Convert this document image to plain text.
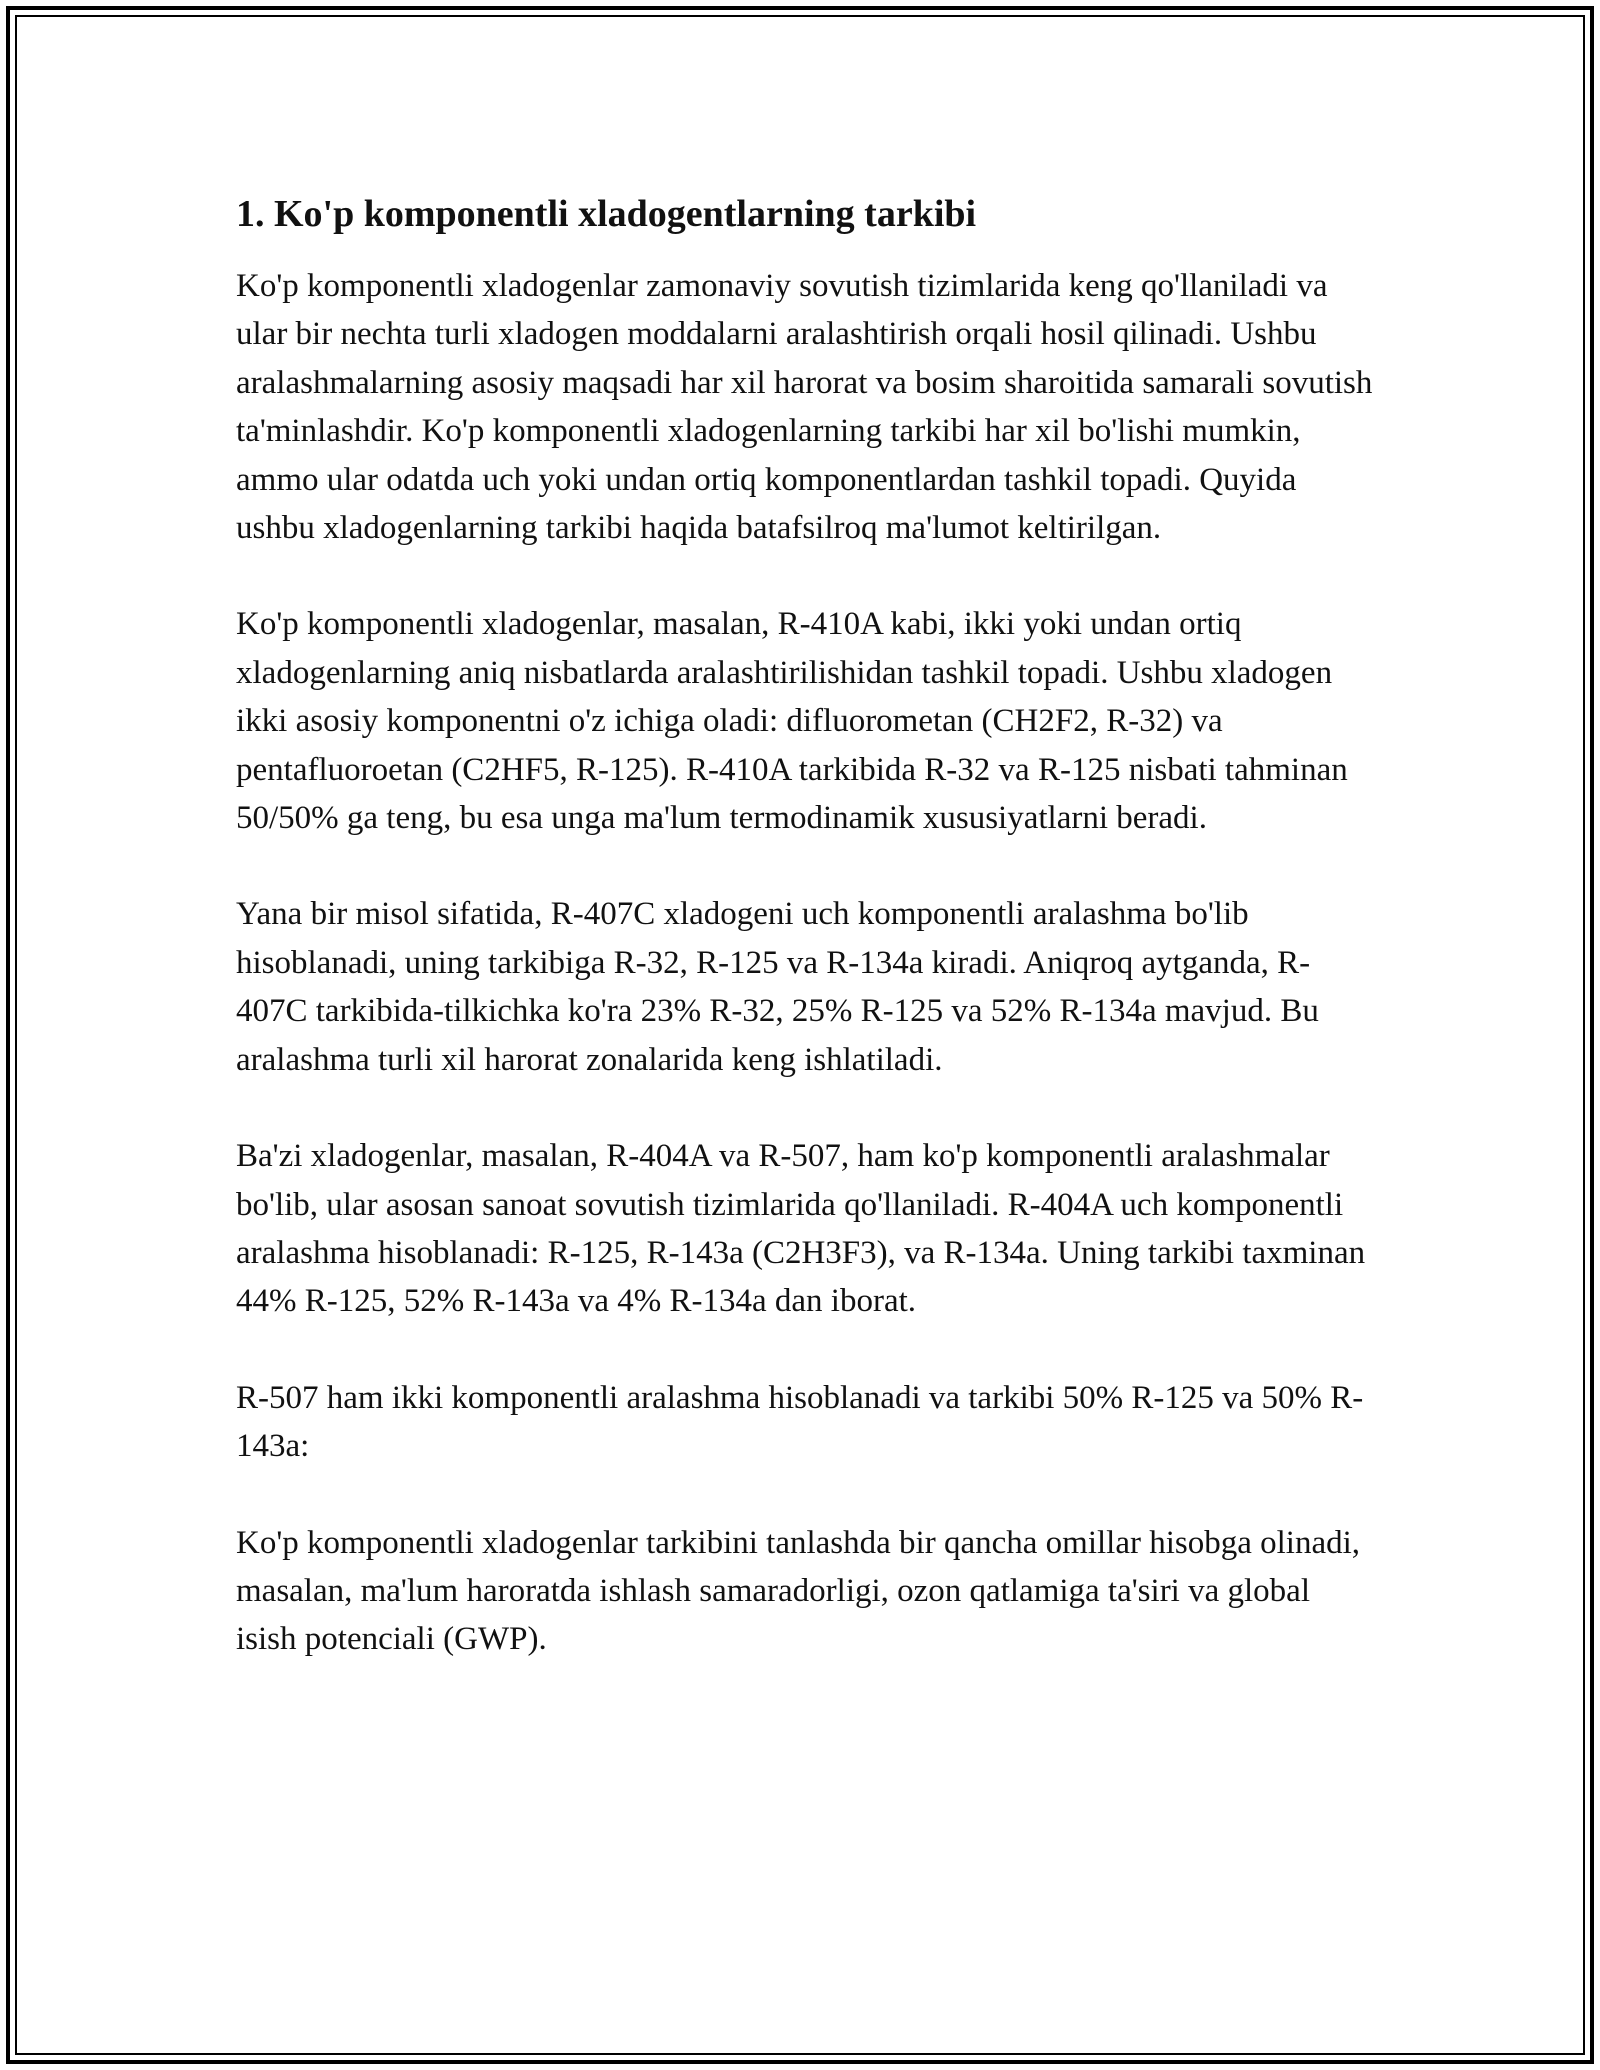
1. Ko'p komponentli xladogentlarning tarkibi

Ko'p komponentli xladogenlar zamonaviy sovutish tizimlarida keng qo'llaniladi va ular bir nechta turli xladogen moddalarni aralashtirish orqali hosil qilinadi. Ushbu aralashmalarning asosiy maqsadi har xil harorat va bosim sharoitida samarali sovutish ta'minlashdir. Ko'p komponentli xladogenlarning tarkibi har xil bo'lishi mumkin, ammo ular odatda uch yoki undan ortiq komponentlardan tashkil topadi. Quyida ushbu xladogenlarning tarkibi haqida batafsilroq ma'lumot keltirilgan.

Ko'p komponentli xladogenlar, masalan, R-410A kabi, ikki yoki undan ortiq xladogenlarning aniq nisbatlarda aralashtirilishidan tashkil topadi. Ushbu xladogen ikki asosiy komponentni o'z ichiga oladi: difluorometan (CH2F2, R-32) va pentafluoroetan (C2HF5, R-125). R-410A tarkibida R-32 va R-125 nisbati tahminan 50/50% ga teng, bu esa unga ma'lum termodinamik xususiyatlarni beradi.

Yana bir misol sifatida, R-407C xladogeni uch komponentli aralashma bo'lib hisoblanadi, uning tarkibiga R-32, R-125 va R-134a kiradi. Aniqroq aytganda, R-407C tarkibida-tilkichka ko'ra 23% R-32, 25% R-125 va 52% R-134a mavjud. Bu aralashma turli xil harorat zonalarida keng ishlatiladi.

Ba'zi xladogenlar, masalan, R-404A va R-507, ham ko'p komponentli aralashmalar bo'lib, ular asosan sanoat sovutish tizimlarida qo'llaniladi. R-404A uch komponentli aralashma hisoblanadi: R-125, R-143a (C2H3F3), va R-134a. Uning tarkibi taxminan 44% R-125, 52% R-143a va 4% R-134a dan iborat.

R-507 ham ikki komponentli aralashma hisoblanadi va tarkibi 50% R-125 va 50% R-143a:

Ko'p komponentli xladogenlar tarkibini tanlashda bir qancha omillar hisobga olinadi, masalan, ma'lum haroratda ishlash samaradorligi, ozon qatlamiga ta'siri va global isish potenciali (GWP).
